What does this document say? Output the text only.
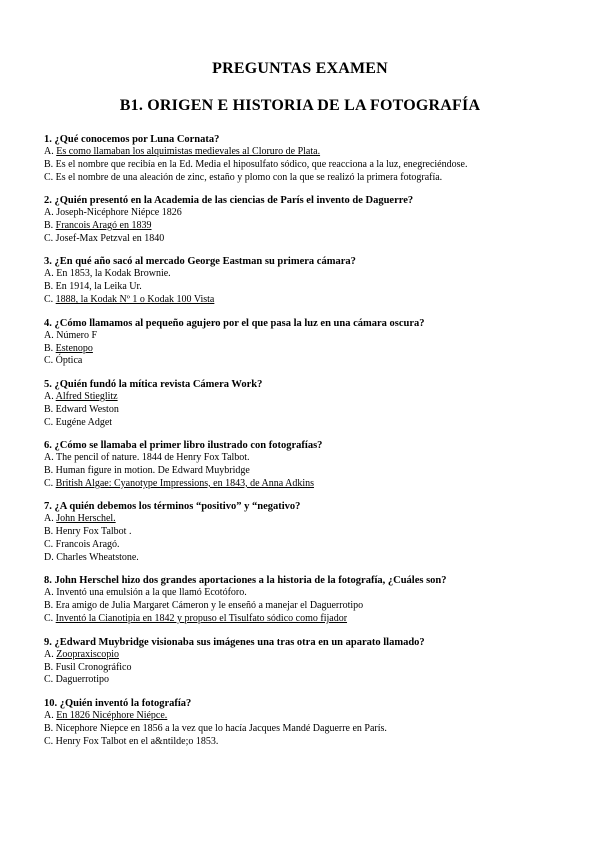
PREGUNTAS EXAMEN
B1. ORIGEN E HISTORIA DE LA FOTOGRAFÍA
1. ¿Qué conocemos por Luna Cornata?
A. Es como llamaban los alquimistas medievales al Cloruro de Plata.
B. Es el nombre que recibía en la Ed. Media el hiposulfato sódico, que reacciona a la luz, enegreciéndose.
C. Es el nombre de una aleación de zinc, estaño y plomo con la que se realizó la primera fotografía.
2. ¿Quién presentó en la Academia de las ciencias de París el invento de Daguerre?
A. Joseph-Nicéphore Niépce 1826
B. Francois Aragó en 1839
C. Josef-Max Petzval en 1840
3. ¿En qué año sacó al mercado George Eastman su primera cámara?
A. En 1853, la Kodak Brownie.
B. En 1914, la Leika Ur.
C. 1888, la Kodak Nº 1 o Kodak 100 Vista
4. ¿Cómo llamamos al pequeño agujero por el que pasa la luz en una cámara oscura?
A. Número F
B. Estenopo
C. Óptica
5. ¿Quién fundó la mítica revista Cámera Work?
A. Alfred Stieglitz
B. Edward Weston
C. Eugéne Adget
6. ¿Cómo se llamaba el primer libro ilustrado con fotografías?
A. The pencil of nature. 1844 de Henry Fox Talbot.
B. Human figure in motion. De Edward Muybridge
C. British Algae: Cyanotype Impressions, en 1843, de Anna Adkins
7. ¿A quién debemos los términos “positivo” y “negativo?
A. John Herschel.
B. Henry Fox Talbot .
C. Francois Aragó.
D. Charles Wheatstone.
8. John Herschel hizo dos grandes aportaciones a la historia de la fotografía, ¿Cuáles son?
A. Inventó una emulsión a la que llamó Ecotóforo.
B. Era amigo de Julia Margaret Cámeron y le enseñó a manejar el Daguerrotipo
C. Inventó la Cianotipia en 1842 y propuso el Tisulfato sódico como fijador
9. ¿Edward Muybridge visionaba sus imágenes una tras otra en un aparato llamado?
A. Zoopraxiscopio
B. Fusil Cronográfico
C. Daguerrotipo
10. ¿Quién inventó la fotografía?
A. En 1826 Nicéphore Niépce.
B. Nicephore Niepce en 1856 a la vez que lo hacía Jacques Mandé Daguerre en París.
C. Henry Fox Talbot en el a&ntilde;o 1853.
